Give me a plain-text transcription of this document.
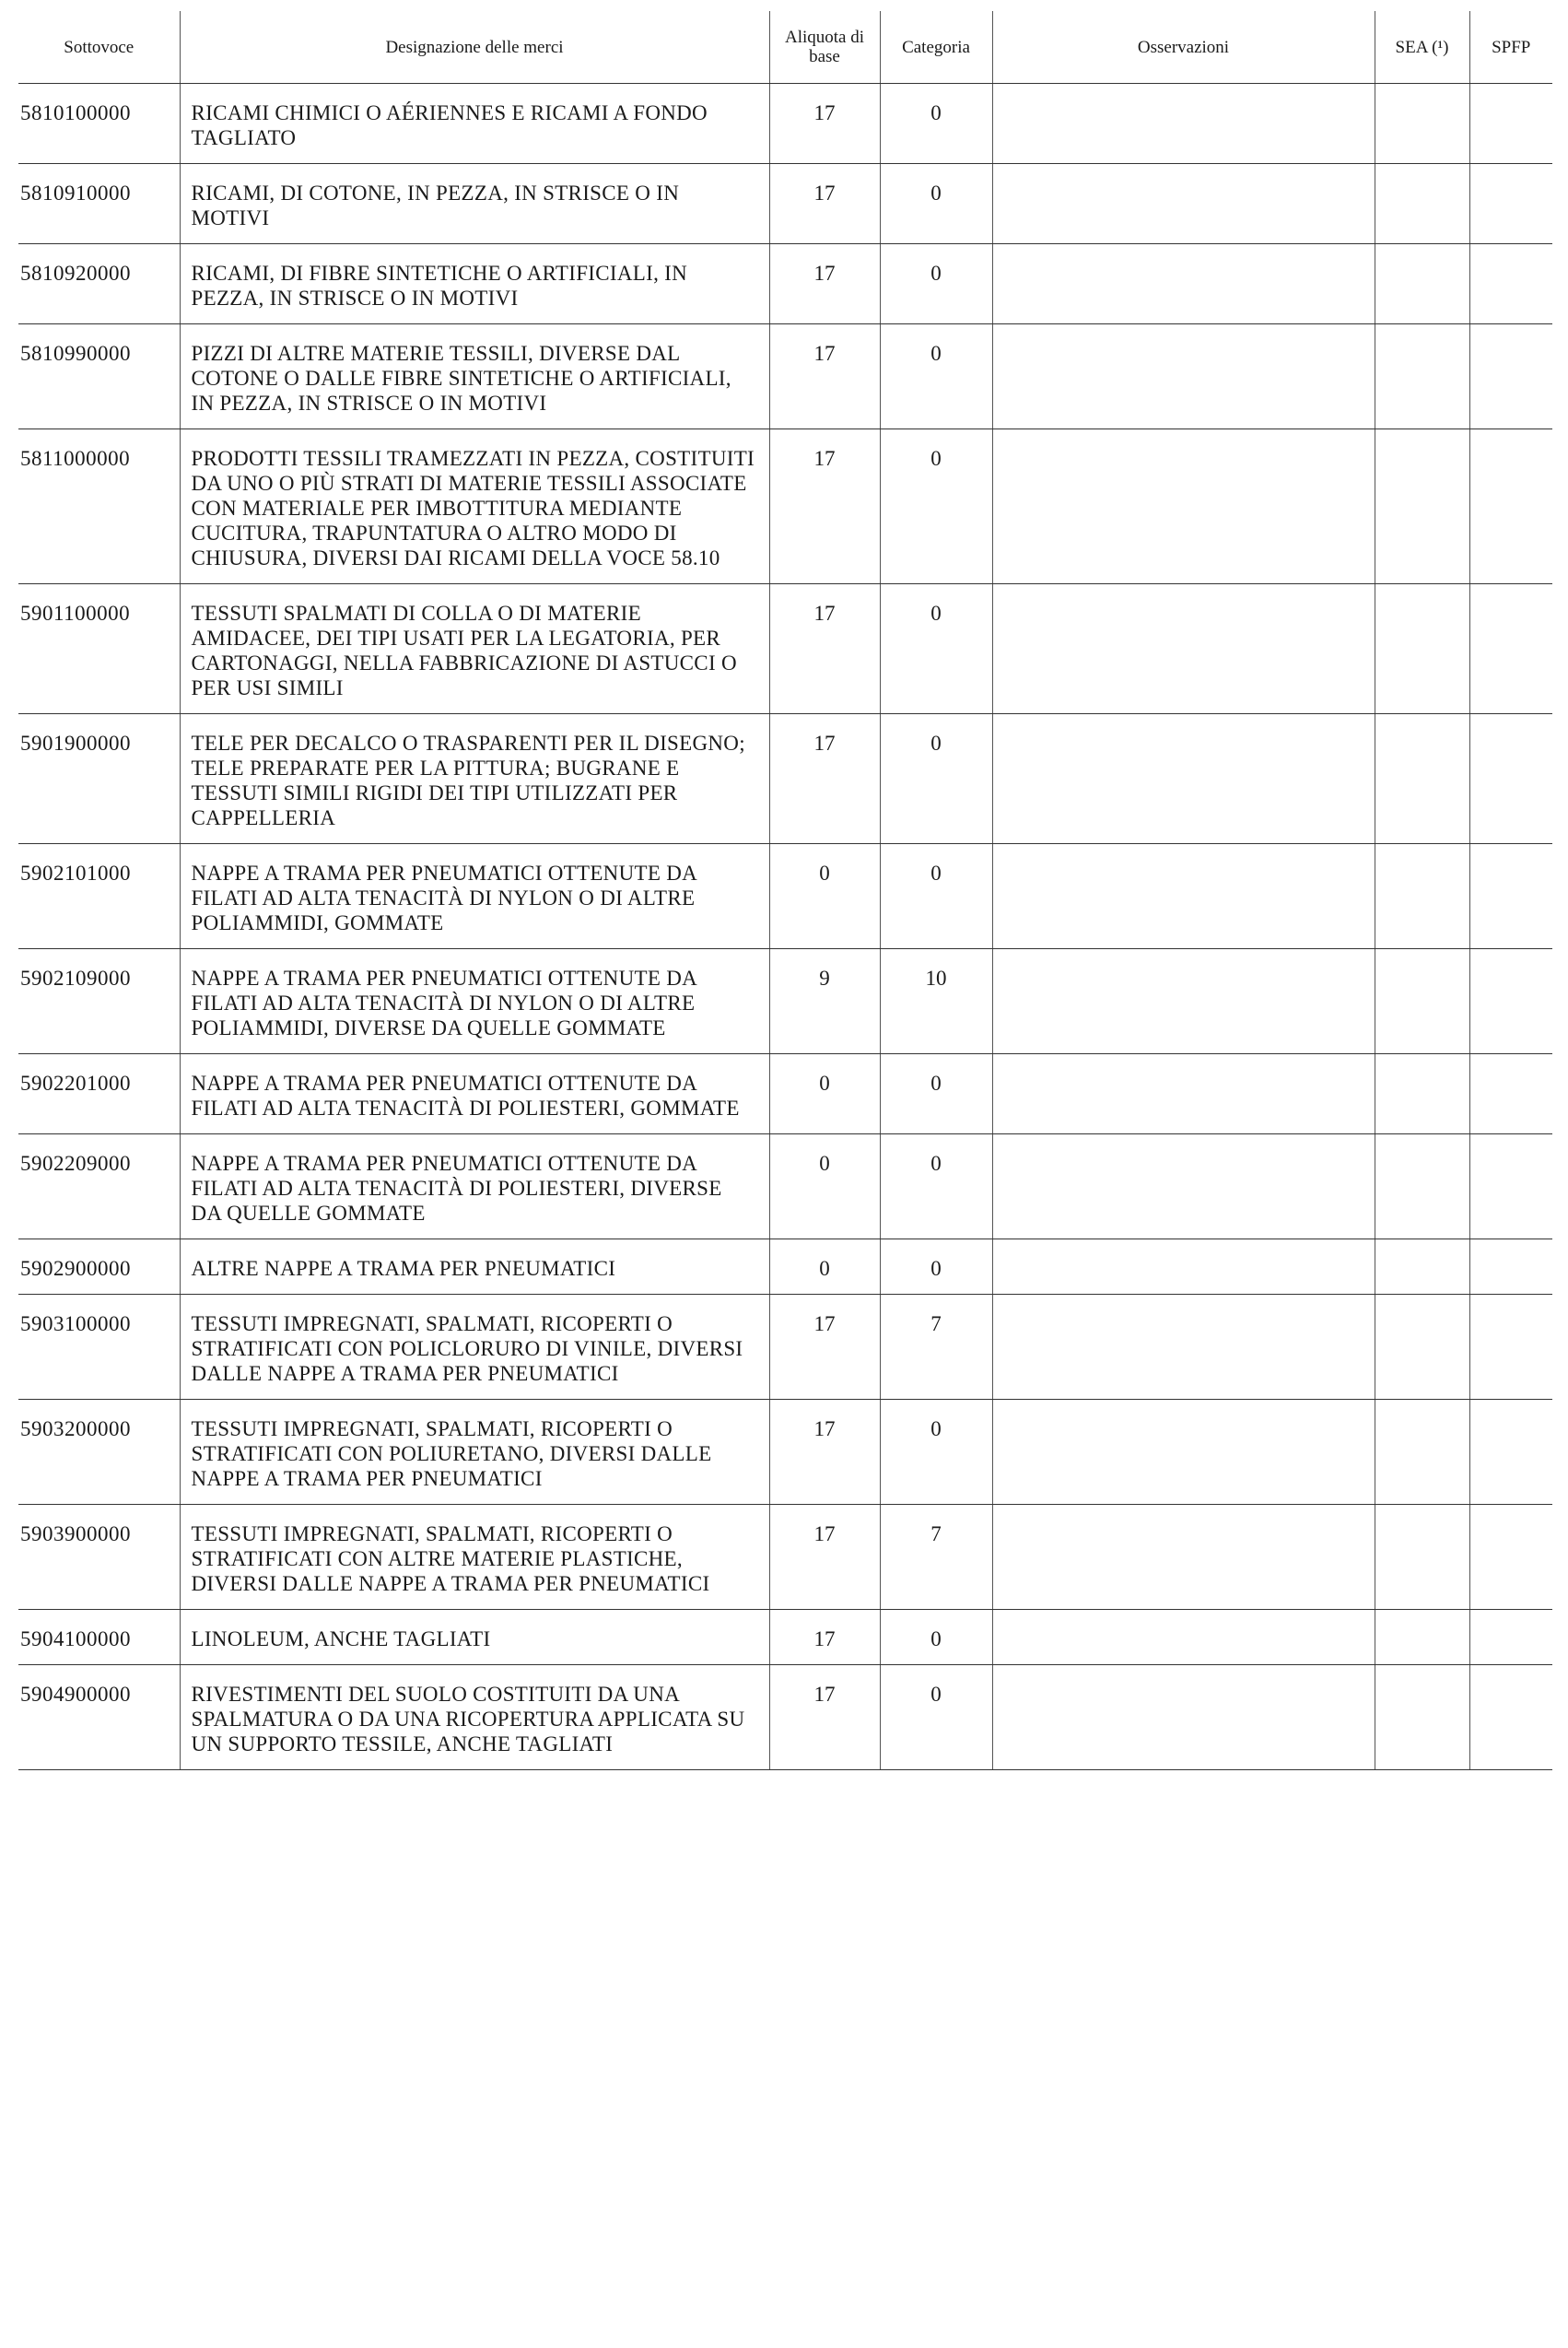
Sottovoce	Designazione delle merci	Aliquota di base	Categoria	Osservazioni	SEA (¹)	SPFP
5810100000	RICAMI CHIMICI O AÉRIENNES E RICAMI A FONDO TAGLIATO	17	0			
5810910000	RICAMI, DI COTONE, IN PEZZA, IN STRISCE O IN MOTIVI	17	0			
5810920000	RICAMI, DI FIBRE SINTETICHE O ARTIFICIALI, IN PEZZA, IN STRISCE O IN MOTIVI	17	0			
5810990000	PIZZI DI ALTRE MATERIE TESSILI, DIVERSE DAL COTONE O DALLE FIBRE SINTETICHE O ARTIFICIALI, IN PEZZA, IN STRISCE O IN MOTIVI	17	0			
5811000000	PRODOTTI TESSILI TRAMEZZATI IN PEZZA, COSTITUITI DA UNO O PIÙ STRATI DI MATERIE TESSILI ASSOCIATE CON MATERIALE PER IMBOTTITURA MEDIANTE CUCITURA, TRAPUNTATURA O ALTRO MODO DI CHIUSURA, DIVERSI DAI RICAMI DELLA VOCE 58.10	17	0			
5901100000	TESSUTI SPALMATI DI COLLA O DI MATERIE AMIDACEE, DEI TIPI USATI PER LA LEGATORIA, PER CARTONAGGI, NELLA FABBRICAZIONE DI ASTUCCI O PER USI SIMILI	17	0			
5901900000	TELE PER DECALCO O TRASPARENTI PER IL DISEGNO; TELE PREPARATE PER LA PITTURA; BUGRANE E TESSUTI SIMILI RIGIDI DEI TIPI UTILIZZATI PER CAPPELLERIA	17	0			
5902101000	NAPPE A TRAMA PER PNEUMATICI OTTENUTE DA FILATI AD ALTA TENACITÀ DI NYLON O DI ALTRE POLIAMMIDI, GOMMATE	0	0			
5902109000	NAPPE A TRAMA PER PNEUMATICI OTTENUTE DA FILATI AD ALTA TENACITÀ DI NYLON O DI ALTRE POLIAMMIDI, DIVERSE DA QUELLE GOMMATE	9	10			
5902201000	NAPPE A TRAMA PER PNEUMATICI OTTENUTE DA FILATI AD ALTA TENACITÀ DI POLIESTERI, GOMMATE	0	0			
5902209000	NAPPE A TRAMA PER PNEUMATICI OTTENUTE DA FILATI AD ALTA TENACITÀ DI POLIESTERI, DIVERSE DA QUELLE GOMMATE	0	0			
5902900000	ALTRE NAPPE A TRAMA PER PNEUMATICI	0	0			
5903100000	TESSUTI IMPREGNATI, SPALMATI, RICOPERTI O STRATIFICATI CON POLICLORURO DI VINILE, DIVERSI DALLE NAPPE A TRAMA PER PNEUMATICI	17	7			
5903200000	TESSUTI IMPREGNATI, SPALMATI, RICOPERTI O STRATIFICATI CON POLIURETANO, DIVERSI DALLE NAPPE A TRAMA PER PNEUMATICI	17	0			
5903900000	TESSUTI IMPREGNATI, SPALMATI, RICOPERTI O STRATIFICATI CON ALTRE MATERIE PLASTICHE, DIVERSI DALLE NAPPE A TRAMA PER PNEUMATICI	17	7			
5904100000	LINOLEUM, ANCHE TAGLIATI	17	0			
5904900000	RIVESTIMENTI DEL SUOLO COSTITUITI DA UNA SPALMATURA O DA UNA RICOPERTURA APPLICATA SU UN SUPPORTO TESSILE, ANCHE TAGLIATI	17	0			
